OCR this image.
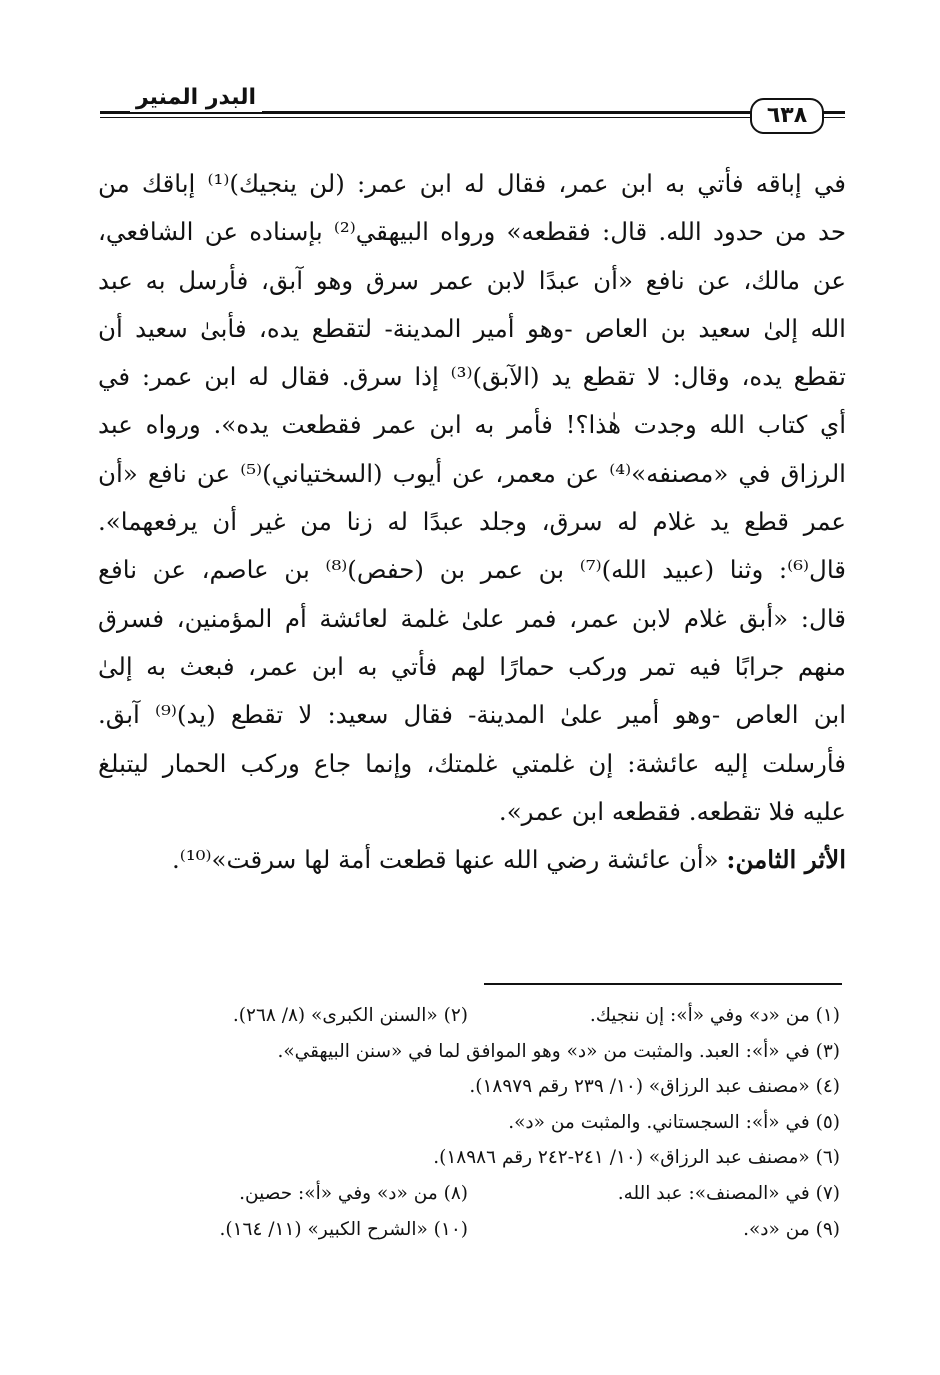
البدر المنير
٦٣٨
في إباقه فأتي به ابن عمر، فقال له ابن عمر: (لن ينجيك)⁽¹⁾ إباقك من
حد من حدود الله. قال: فقطعه» ورواه البيهقي⁽²⁾ بإسناده عن الشافعي،
عن مالك، عن نافع «أن عبدًا لابن عمر سرق وهو آبق، فأرسل به عبد
الله إلىٰ سعيد بن العاص -وهو أمير المدينة- لتقطع يده، فأبىٰ سعيد أن
تقطع يده، وقال: لا تقطع يد (الآبق)⁽³⁾ إذا سرق. فقال له ابن عمر: في
أي كتاب الله وجدت هٰذا؟! فأمر به ابن عمر فقطعت يده». ورواه عبد
الرزاق في «مصنفه»⁽⁴⁾ عن معمر، عن أيوب (السختياني)⁽⁵⁾ عن نافع «أن
عمر قطع يد غلام له سرق، وجلد عبدًا له زنا من غير أن يرفعهما».
قال⁽⁶⁾: وثنا (عبيد الله)⁽⁷⁾ بن عمر بن (حفص)⁽⁸⁾ بن عاصم، عن نافع
قال: «أبق غلام لابن عمر، فمر علىٰ غلمة لعائشة أم المؤمنين، فسرق
منهم جرابًا فيه تمر وركب حمارًا لهم فأتي به ابن عمر، فبعث به إلىٰ
ابن العاص -وهو أمير علىٰ المدينة- فقال سعيد: لا تقطع (يد)⁽⁹⁾ آبق.
فأرسلت إليه عائشة: إن غلمتي غلمتك، وإنما جاع وركب الحمار ليتبلغ
عليه فلا تقطعه. فقطعه ابن عمر».
الأثر الثامن: «أن عائشة رضي الله عنها قطعت أمة لها سرقت»⁽¹⁰⁾.
(١) من «د» وفي «أ»: إن ننجيك.
(٢) «السنن الكبرى» (٨/ ٢٦٨).
(٣) في «أ»: العبد. والمثبت من «د» وهو الموافق لما في «سنن البيهقي».
(٤) «مصنف عبد الرزاق» (١٠/ ٢٣٩ رقم ١٨٩٧٩).
(٥) في «أ»: السجستاني. والمثبت من «د».
(٦) «مصنف عبد الرزاق» (١٠/ ٢٤١-٢٤٢ رقم ١٨٩٨٦).
(٧) في «المصنف»: عبد الله.
(٨) من «د» وفي «أ»: حصين.
(٩) من «د».
(١٠) «الشرح الكبير» (١١/ ١٦٤).
